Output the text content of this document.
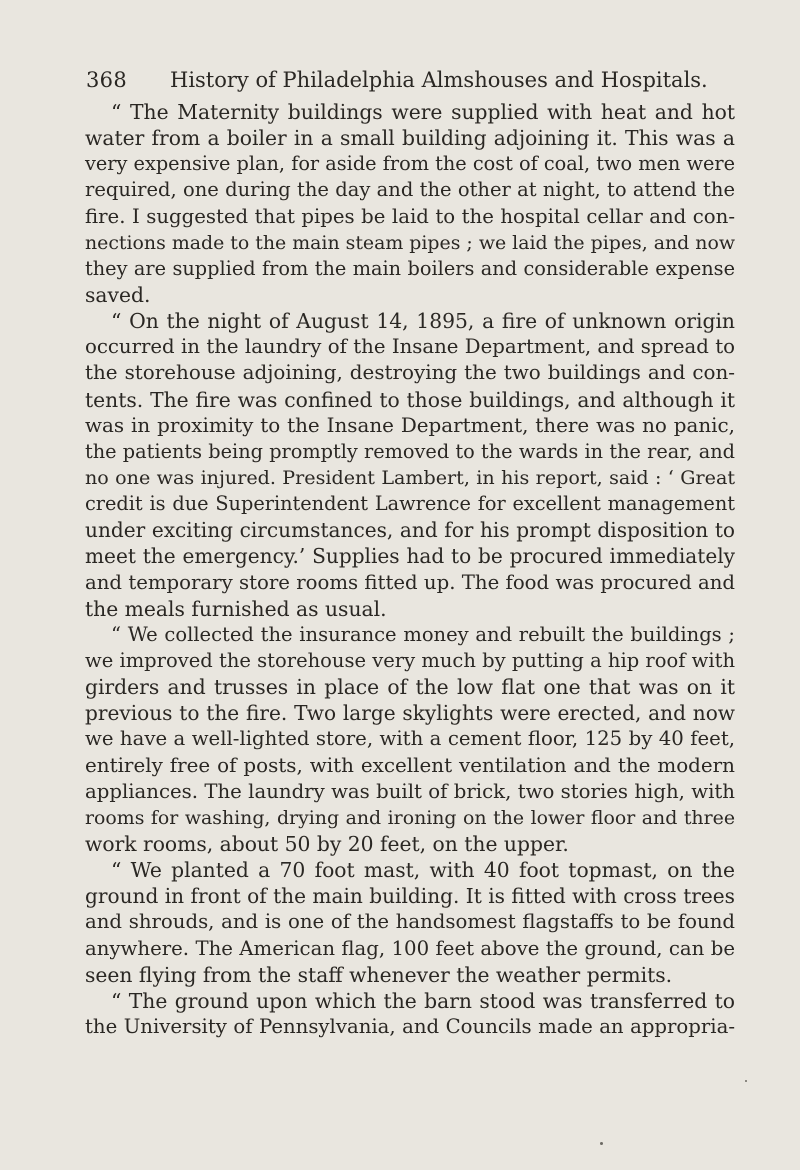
368 History of Philadelphia Almshouses and Hospitals.
“ The Maternity buildings were supplied with heat and hot
water from a boiler in a small building adjoining it. This was a
very expensive plan, for aside from the cost of coal, two men were
required, one during the day and the other at night, to attend the
fire. I suggested that pipes be laid to the hospital cellar and con-
nections made to the main steam pipes ; we laid the pipes, and now
they are supplied from the main boilers and considerable expense
saved.
“ On the night of August 14, 1895, a fire of unknown origin
occurred in the laundry of the Insane Department, and spread to
the storehouse adjoining, destroying the two buildings and con-
tents. The fire was confined to those buildings, and although it
was in proximity to the Insane Department, there was no panic,
the patients being promptly removed to the wards in the rear, and
no one was injured. President Lambert, in his report, said : ‘ Great
credit is due Superintendent Lawrence for excellent management
under exciting circumstances, and for his prompt disposition to
meet the emergency.’ Supplies had to be procured immediately
and temporary store rooms fitted up. The food was procured and
the meals furnished as usual.
“ We collected the insurance money and rebuilt the buildings ;
we improved the storehouse very much by putting a hip roof with
girders and trusses in place of the low flat one that was on it
previous to the fire. Two large skylights were erected, and now
we have a well-lighted store, with a cement floor, 125 by 40 feet,
entirely free of posts, with excellent ventilation and the modern
appliances. The laundry was built of brick, two stories high, with
rooms for washing, drying and ironing on the lower floor and three
work rooms, about 50 by 20 feet, on the upper.
“ We planted a 70 foot mast, with 40 foot topmast, on the
ground in front of the main building. It is fitted with cross trees
and shrouds, and is one of the handsomest flagstaffs to be found
anywhere. The American flag, 100 feet above the ground, can be
seen flying from the staff whenever the weather permits.
“ The ground upon which the barn stood was transferred to
the University of Pennsylvania, and Councils made an appropria-
